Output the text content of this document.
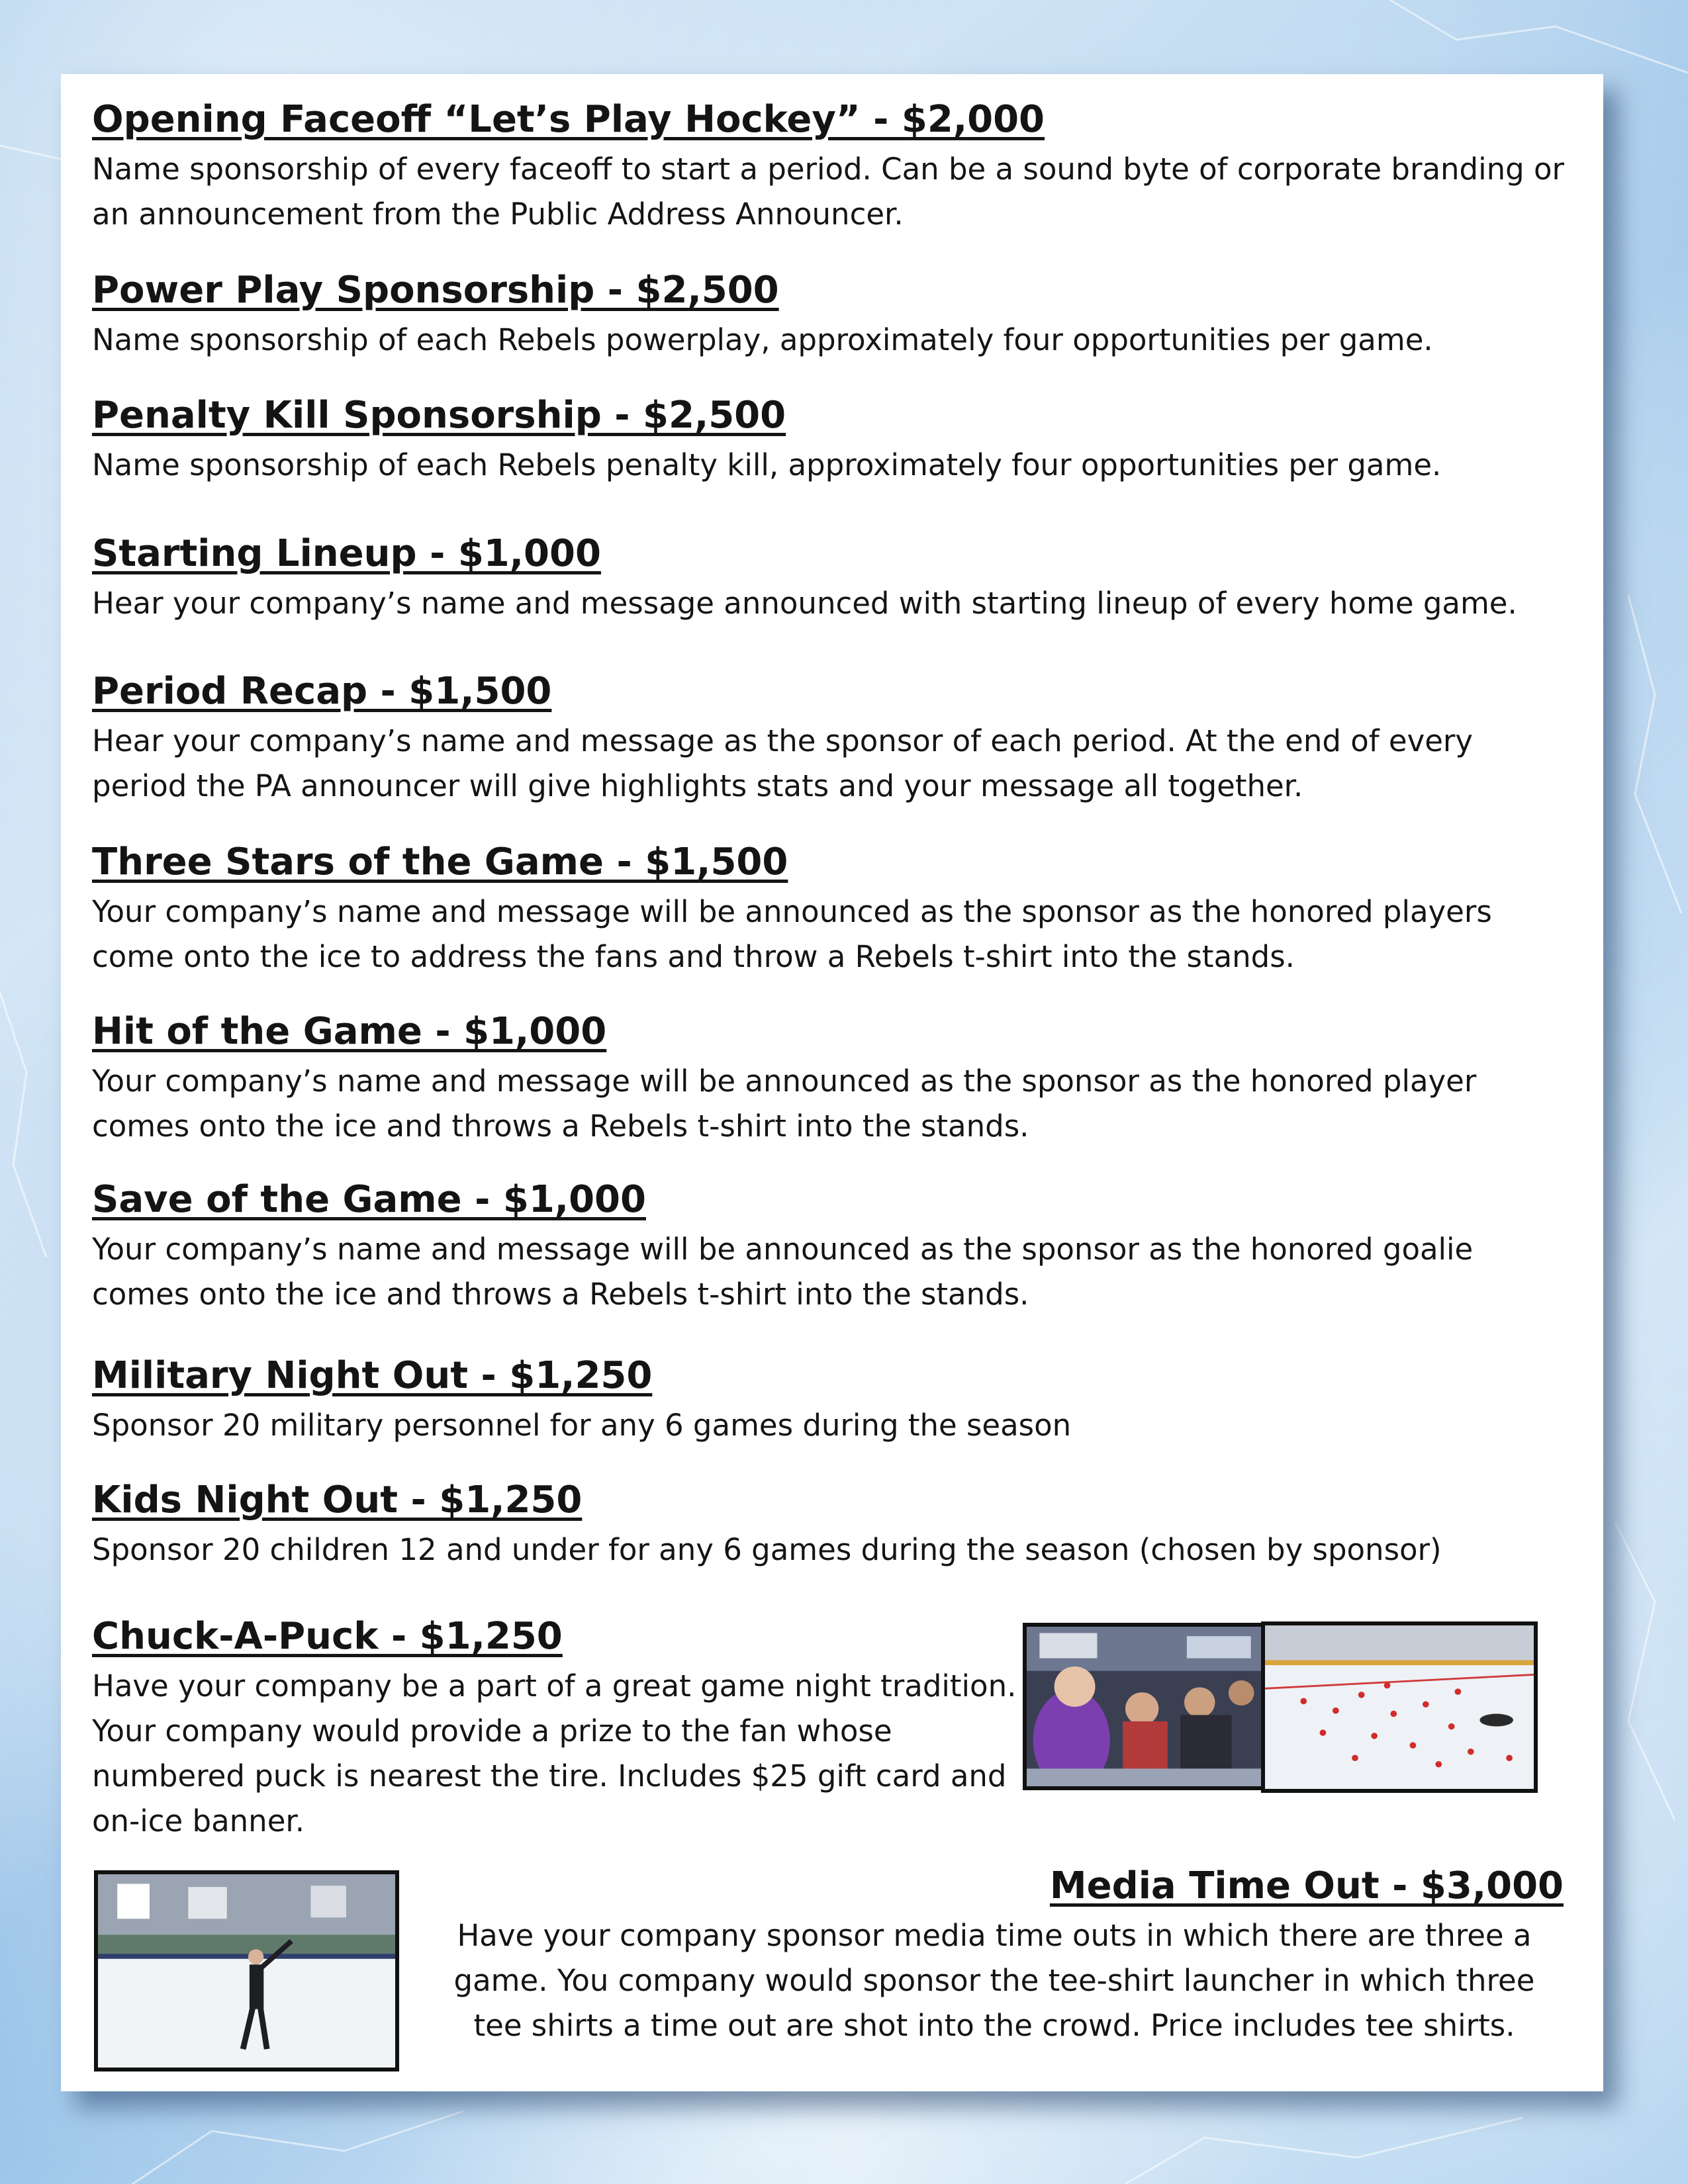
Opening Faceoff “Let’s Play Hockey” - $2,000

Name sponsorship of every faceoff to start a period. Can be a sound byte of corporate branding or an announcement from the Public Address Announcer.

Power Play Sponsorship - $2,500

Name sponsorship of each Rebels powerplay, approximately four opportunities per game.

Penalty Kill Sponsorship - $2,500

Name sponsorship of each Rebels penalty kill, approximately four opportunities per game.

Starting Lineup - $1,000

Hear your company’s name and message announced with starting lineup of every home game.

Period Recap - $1,500

Hear your company’s name and message as the sponsor of each period. At the end of every period the PA announcer will give highlights stats and your message all together.

Three Stars of the Game - $1,500

Your company’s name and message will be announced as the sponsor as the honored players come onto the ice to address the fans and throw a Rebels t-shirt into the stands.

Hit of the Game - $1,000

Your company’s name and message will be announced as the sponsor as the honored player comes onto the ice and throws a Rebels t-shirt into the stands.

Save of the Game - $1,000

Your company’s name and message will be announced as the sponsor as the honored goalie comes onto the ice and throws a Rebels t-shirt into the stands.

Military Night Out - $1,250

Sponsor 20 military personnel for any 6 games during the season

Kids Night Out - $1,250

Sponsor 20 children 12 and under for any 6 games during the season (chosen by sponsor)

Chuck-A-Puck - $1,250

Have your company be a part of a great game night tradition. Your company would provide a prize to the fan whose numbered puck is nearest the tire. Includes $25 gift card and on-ice banner.

Media Time Out - $3,000

Have your company sponsor media time outs in which there are three a game. You company would sponsor the tee-shirt launcher in which three tee shirts a time out are shot into the crowd. Price includes tee shirts.
